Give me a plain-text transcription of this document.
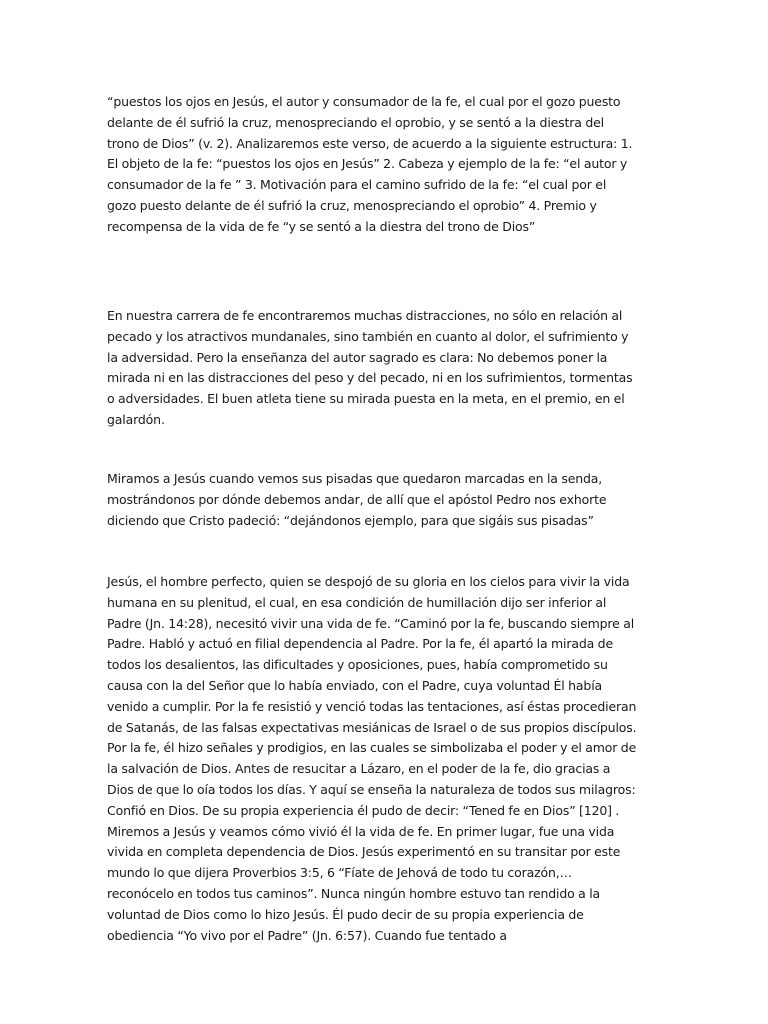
“puestos los ojos en Jesús, el autor y consumador de la fe, el cual por el gozo puesto delante de él sufrió la cruz, menospreciando el oprobio, y se sentó a la diestra del trono de Dios” (v. 2). Analizaremos este verso, de acuerdo a la siguiente estructura: 1. El objeto de la fe: “puestos los ojos en Jesús” 2. Cabeza y ejemplo de la fe: “el autor y consumador de la fe ” 3. Motivación para el camino sufrido de la fe: “el cual por el gozo puesto delante de él sufrió la cruz, menospreciando el oprobio” 4. Premio y recompensa de la vida de fe “y se sentó a la diestra del trono de Dios”

En nuestra carrera de fe encontraremos muchas distracciones, no sólo en relación al pecado y los atractivos mundanales, sino también en cuanto al dolor, el sufrimiento y la adversidad. Pero la enseñanza del autor sagrado es clara: No debemos poner la mirada ni en las distracciones del peso y del pecado, ni en los sufrimientos, tormentas o adversidades. El buen atleta tiene su mirada puesta en la meta, en el premio, en el galardón.

Miramos a Jesús cuando vemos sus pisadas que quedaron marcadas en la senda, mostrándonos por dónde debemos andar, de allí que el apóstol Pedro nos exhorte diciendo que Cristo padeció: “dejándonos ejemplo, para que sigáis sus pisadas”

Jesús, el hombre perfecto, quien se despojó de su gloria en los cielos para vivir la vida humana en su plenitud, el cual, en esa condición de humillación dijo ser inferior al Padre (Jn. 14:28), necesitó vivir una vida de fe. “Caminó por la fe, buscando siempre al Padre. Habló y actuó en filial dependencia al Padre. Por la fe, él apartó la mirada de todos los desalientos, las dificultades y oposiciones, pues, había comprometido su causa con la del Señor que lo había enviado, con el Padre, cuya voluntad Él había venido a cumplir. Por la fe resistió y venció todas las tentaciones, así éstas procedieran de Satanás, de las falsas expectativas mesiánicas de Israel o de sus propios discípulos. Por la fe, él hizo señales y prodigios, en las cuales se simbolizaba el poder y el amor de la salvación de Dios. Antes de resucitar a Lázaro, en el poder de la fe, dio gracias a Dios de que lo oía todos los días. Y aquí se enseña la naturaleza de todos sus milagros: Confió en Dios. De su propia experiencia él pudo de decir: “Tened fe en Dios” [120] . Miremos a Jesús y veamos cómo vivió él la vida de fe. En primer lugar, fue una vida vivida en completa dependencia de Dios. Jesús experimentó en su transitar por este mundo lo que dijera Proverbios 3:5, 6 “Fíate de Jehová de todo tu corazón,…reconócelo en todos tus caminos”. Nunca ningún hombre estuvo tan rendido a la voluntad de Dios como lo hizo Jesús. Él pudo decir de su propia experiencia de obediencia “Yo vivo por el Padre” (Jn. 6:57). Cuando fue tentado a
